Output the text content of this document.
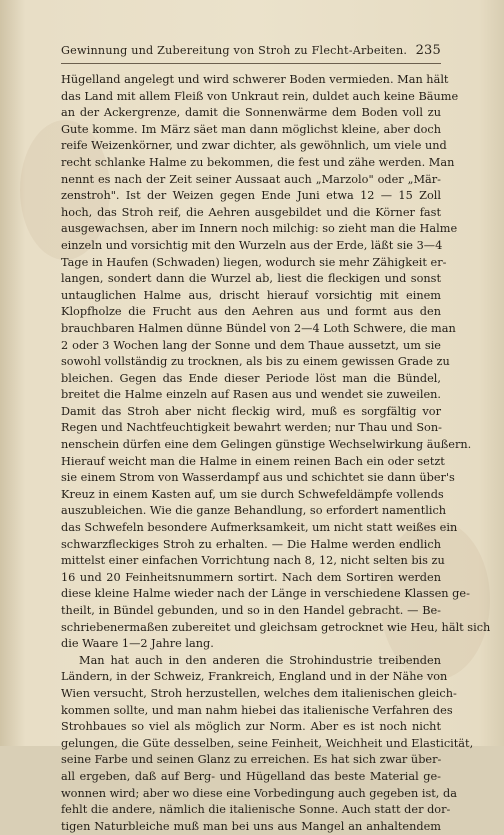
Gewinnung und Zubereitung von Stroh zu Flecht-Arbeiten. 235
Hügelland angelegt und wird schwerer Boden vermieden. Man hält
das Land mit allem Fleiß von Unkraut rein, duldet auch keine Bäume
an der Ackergrenze, damit die Sonnenwärme dem Boden voll zu
Gute komme. Im März säet man dann möglichst kleine, aber doch
reife Weizenkörner, und zwar dichter, als gewöhnlich, um viele und
recht schlanke Halme zu bekommen, die fest und zähe werden. Man
nennt es nach der Zeit seiner Aussaat auch „Marzolo" oder „Mär-
zenstroh". Ist der Weizen gegen Ende Juni etwa 12 — 15 Zoll
hoch, das Stroh reif, die Aehren ausgebildet und die Körner fast
ausgewachsen, aber im Innern noch milchig: so zieht man die Halme
einzeln und vorsichtig mit den Wurzeln aus der Erde, läßt sie 3—4
Tage in Haufen (Schwaden) liegen, wodurch sie mehr Zähigkeit er-
langen, sondert dann die Wurzel ab, liest die fleckigen und sonst
untauglichen Halme aus, drischt hierauf vorsichtig mit einem
Klopfholze die Frucht aus den Aehren aus und formt aus den
brauchbaren Halmen dünne Bündel von 2—4 Loth Schwere, die man
2 oder 3 Wochen lang der Sonne und dem Thaue aussetzt, um sie
sowohl vollständig zu trocknen, als bis zu einem gewissen Grade zu
bleichen. Gegen das Ende dieser Periode löst man die Bündel,
breitet die Halme einzeln auf Rasen aus und wendet sie zuweilen.
Damit das Stroh aber nicht fleckig wird, muß es sorgfältig vor
Regen und Nachtfeuchtigkeit bewahrt werden; nur Thau und Son-
nenschein dürfen eine dem Gelingen günstige Wechselwirkung äußern.
Hierauf weicht man die Halme in einem reinen Bach ein oder setzt
sie einem Strom von Wasserdampf aus und schichtet sie dann über's
Kreuz in einem Kasten auf, um sie durch Schwefeldämpfe vollends
auszubleichen. Wie die ganze Behandlung, so erfordert namentlich
das Schwefeln besondere Aufmerksamkeit, um nicht statt weißes ein
schwarzfleckiges Stroh zu erhalten. — Die Halme werden endlich
mittelst einer einfachen Vorrichtung nach 8, 12, nicht selten bis zu
16 und 20 Feinheitsnummern sortirt. Nach dem Sortiren werden
diese kleine Halme wieder nach der Länge in verschiedene Klassen ge-
theilt, in Bündel gebunden, und so in den Handel gebracht. — Be-
schriebenermaßen zubereitet und gleichsam getrocknet wie Heu, hält sich
die Waare 1—2 Jahre lang.
Man hat auch in den anderen die Strohindustrie treibenden
Ländern, in der Schweiz, Frankreich, England und in der Nähe von
Wien versucht, Stroh herzustellen, welches dem italienischen gleich-
kommen sollte, und man nahm hiebei das italienische Verfahren des
Strohbaues so viel als möglich zur Norm. Aber es ist noch nicht
gelungen, die Güte desselben, seine Feinheit, Weichheit und Elasticität,
seine Farbe und seinen Glanz zu erreichen. Es hat sich zwar über-
all ergeben, daß auf Berg- und Hügelland das beste Material ge-
wonnen wird; aber wo diese eine Vorbedingung auch gegeben ist, da
fehlt die andere, nämlich die italienische Sonne. Auch statt der dor-
tigen Naturbleiche muß man bei uns aus Mangel an anhaltendem
